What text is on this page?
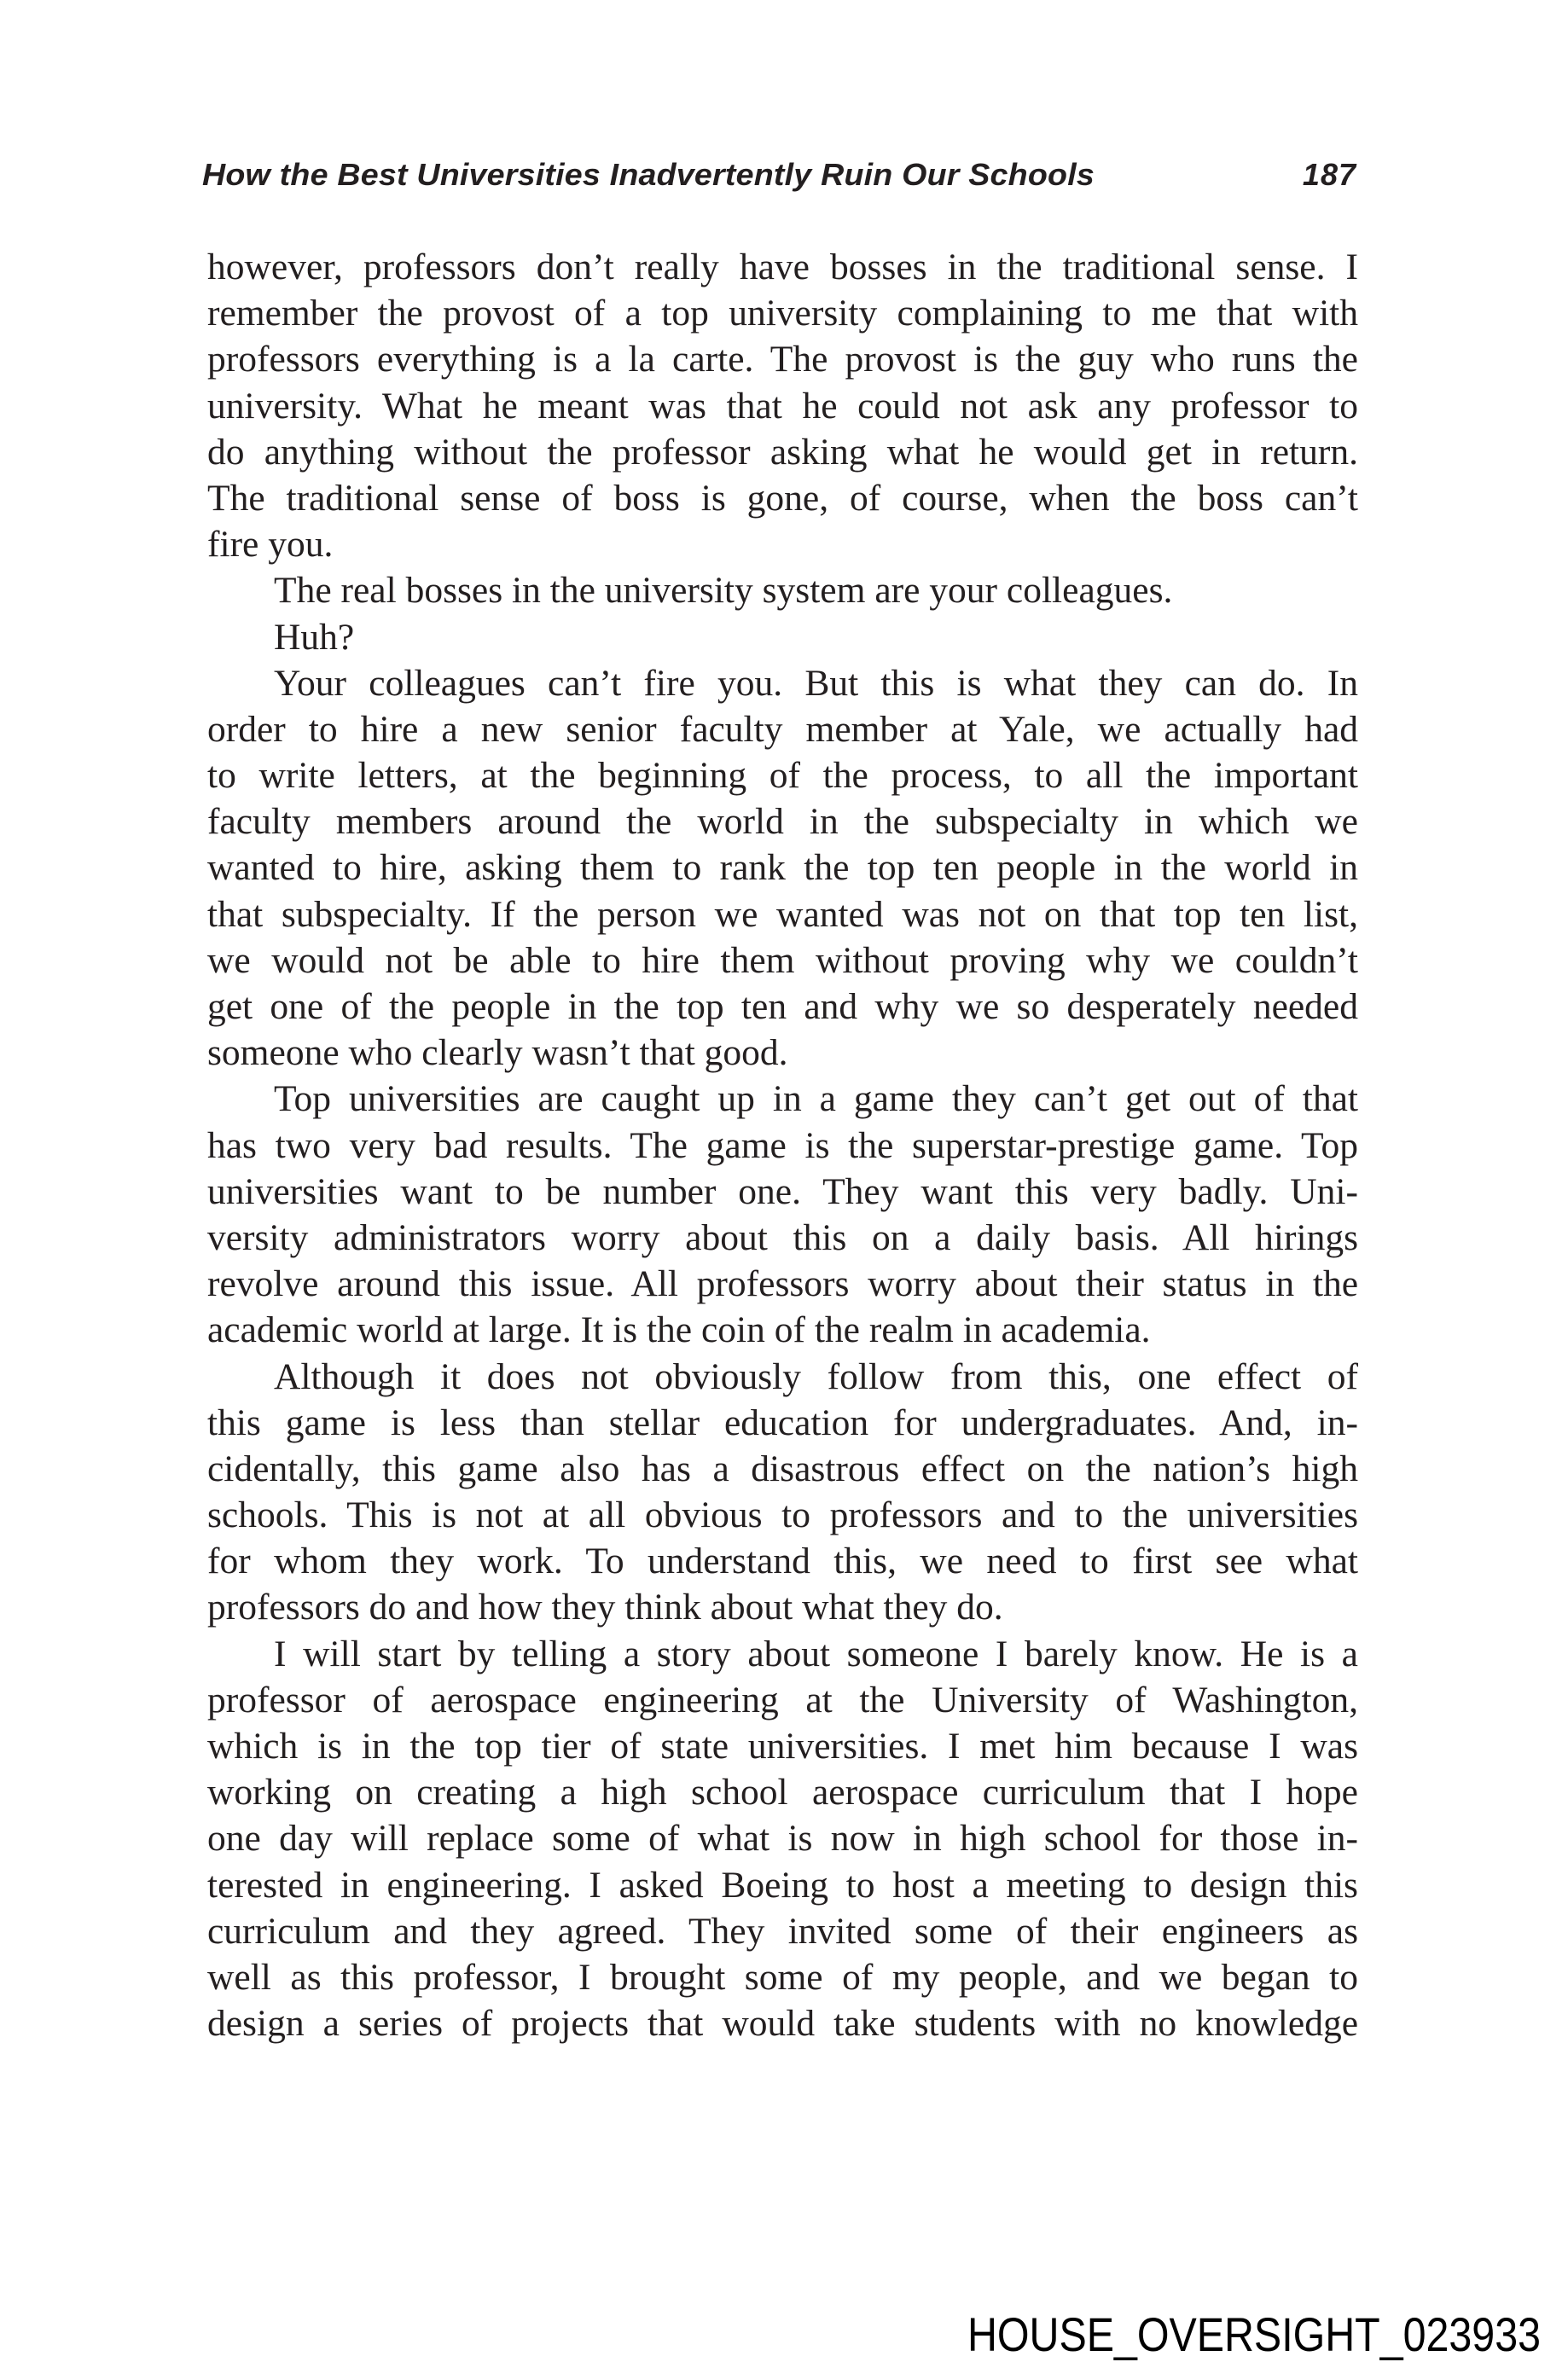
How the Best Universities Inadvertently Ruin Our Schools	187
however, professors don’t really have bosses in the traditional sense. I
remember the provost of a top university complaining to me that with
professors everything is a la carte. The provost is the guy who runs the
university. What he meant was that he could not ask any professor to
do anything without the professor asking what he would get in return.
The traditional sense of boss is gone, of course, when the boss can’t
fire you.
The real bosses in the university system are your colleagues.
Huh?
Your colleagues can’t fire you. But this is what they can do. In
order to hire a new senior faculty member at Yale, we actually had
to write letters, at the beginning of the process, to all the important
faculty members around the world in the subspecialty in which we
wanted to hire, asking them to rank the top ten people in the world in
that subspecialty. If the person we wanted was not on that top ten list,
we would not be able to hire them without proving why we couldn’t
get one of the people in the top ten and why we so desperately needed
someone who clearly wasn’t that good.
Top universities are caught up in a game they can’t get out of that
has two very bad results. The game is the superstar-prestige game. Top
universities want to be number one. They want this very badly. Uni-
versity administrators worry about this on a daily basis. All hirings
revolve around this issue. All professors worry about their status in the
academic world at large. It is the coin of the realm in academia.
Although it does not obviously follow from this, one effect of
this game is less than stellar education for undergraduates. And, in-
cidentally, this game also has a disastrous effect on the nation’s high
schools. This is not at all obvious to professors and to the universities
for whom they work. To understand this, we need to first see what
professors do and how they think about what they do.
I will start by telling a story about someone I barely know. He is a
professor of aerospace engineering at the University of Washington,
which is in the top tier of state universities. I met him because I was
working on creating a high school aerospace curriculum that I hope
one day will replace some of what is now in high school for those in-
terested in engineering. I asked Boeing to host a meeting to design this
curriculum and they agreed. They invited some of their engineers as
well as this professor, I brought some of my people, and we began to
design a series of projects that would take students with no knowledge
HOUSE_OVERSIGHT_023933
